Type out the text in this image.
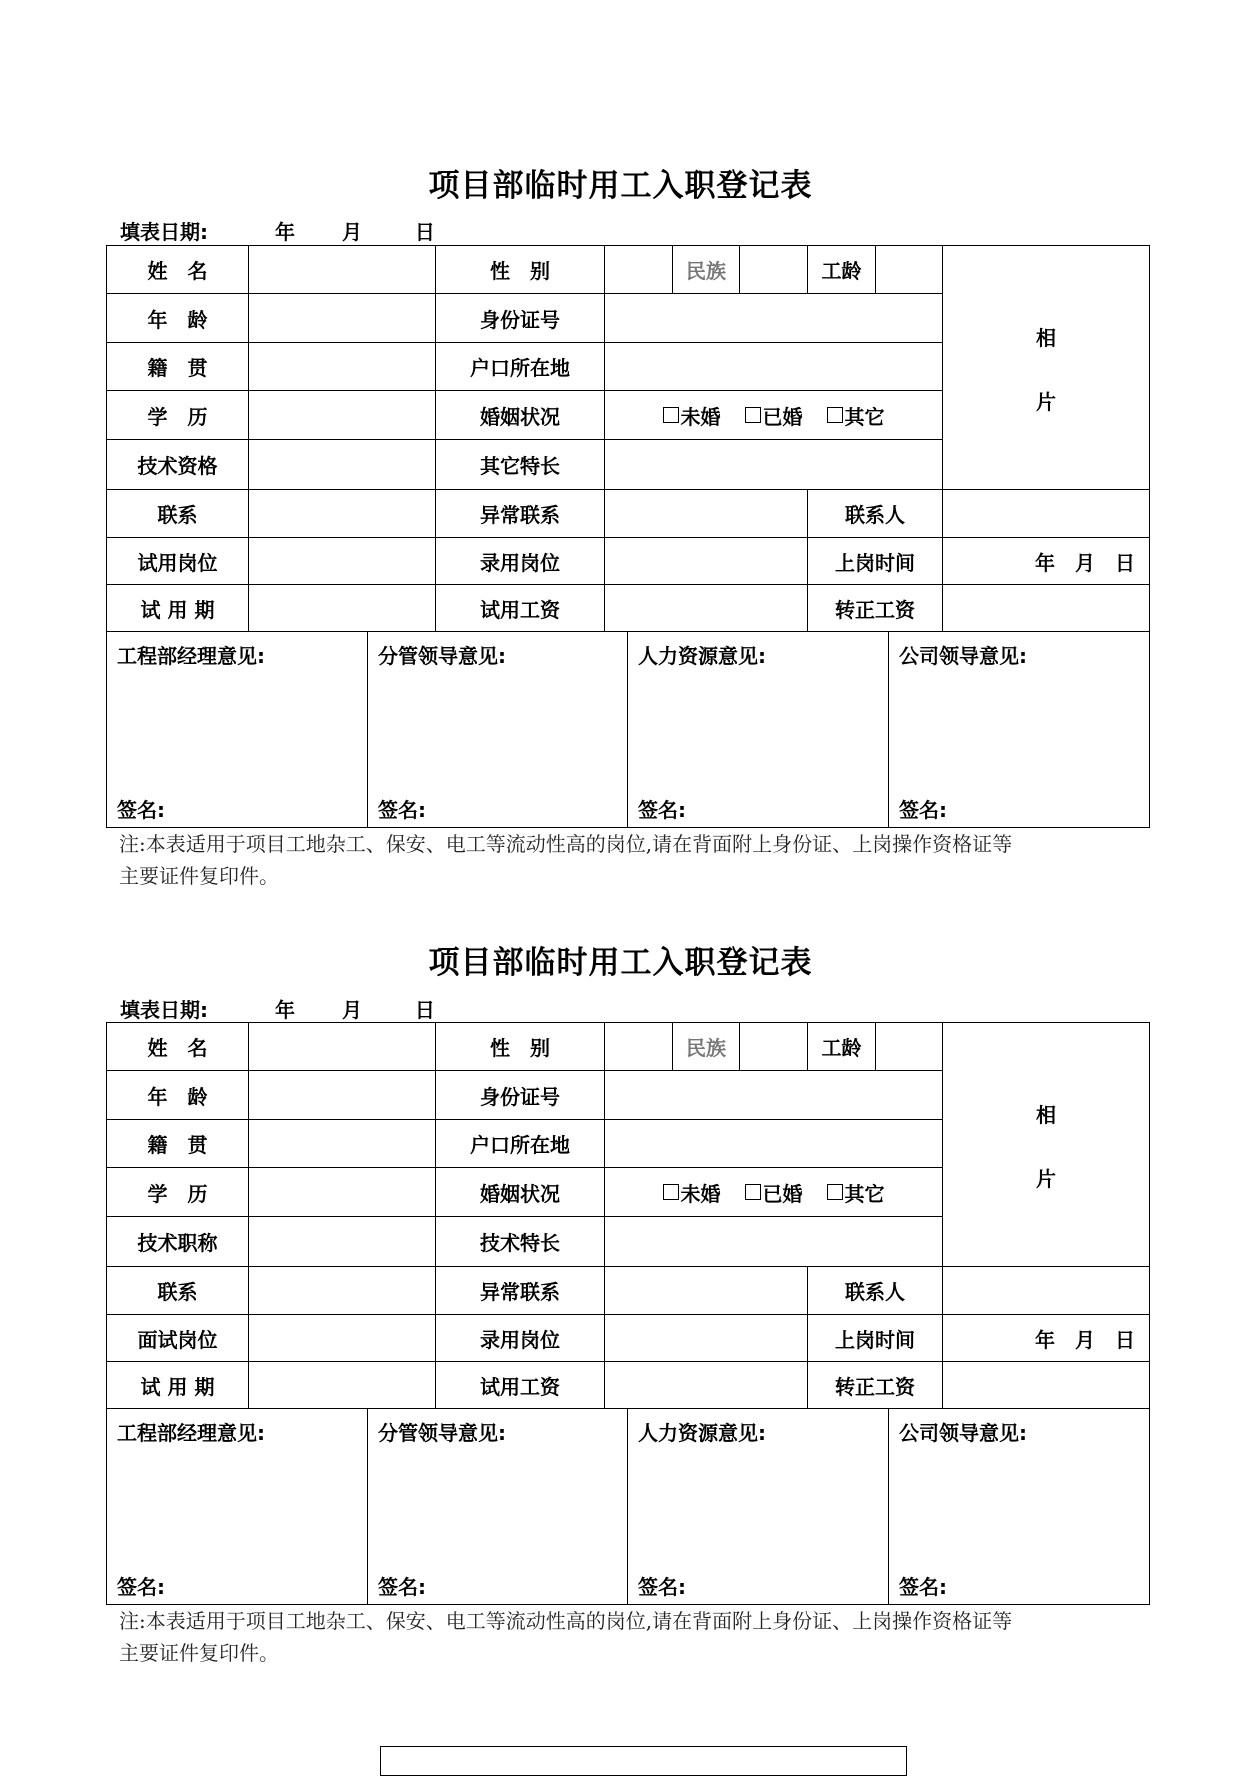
项目部临时用工入职登记表
填表日期:	年 月	日
姓　名	性　别	民族	工龄
相
片
年　龄	身份证号
籍　贯	户口所在地
学　历	婚姻状况	未婚 已婚 其它
技术资格	其它特长
联系	异常联系	联系人
试用岗位	录用岗位	上岗时间	年　月　日
试 用 期	试用工资	转正工资
工程部经理意见:
签名:
分管领导意见:
签名:
人力资源意见:
签名:
公司领导意见:
签名:
注:本表适用于项目工地杂工、保安、电工等流动性高的岗位,请在背面附上身份证、上岗操作资格证等
主要证件复印件。
项目部临时用工入职登记表
填表日期:	年 月	日
姓　名	性　别	民族	工龄
相
片
年　龄	身份证号
籍　贯	户口所在地
学　历	婚姻状况	未婚 已婚 其它
技术职称	技术特长
联系	异常联系	联系人
面试岗位	录用岗位	上岗时间	年　月　日
试 用 期	试用工资	转正工资
工程部经理意见:
签名:
分管领导意见:
签名:
人力资源意见:
签名:
公司领导意见:
签名:
注:本表适用于项目工地杂工、保安、电工等流动性高的岗位,请在背面附上身份证、上岗操作资格证等
主要证件复印件。
